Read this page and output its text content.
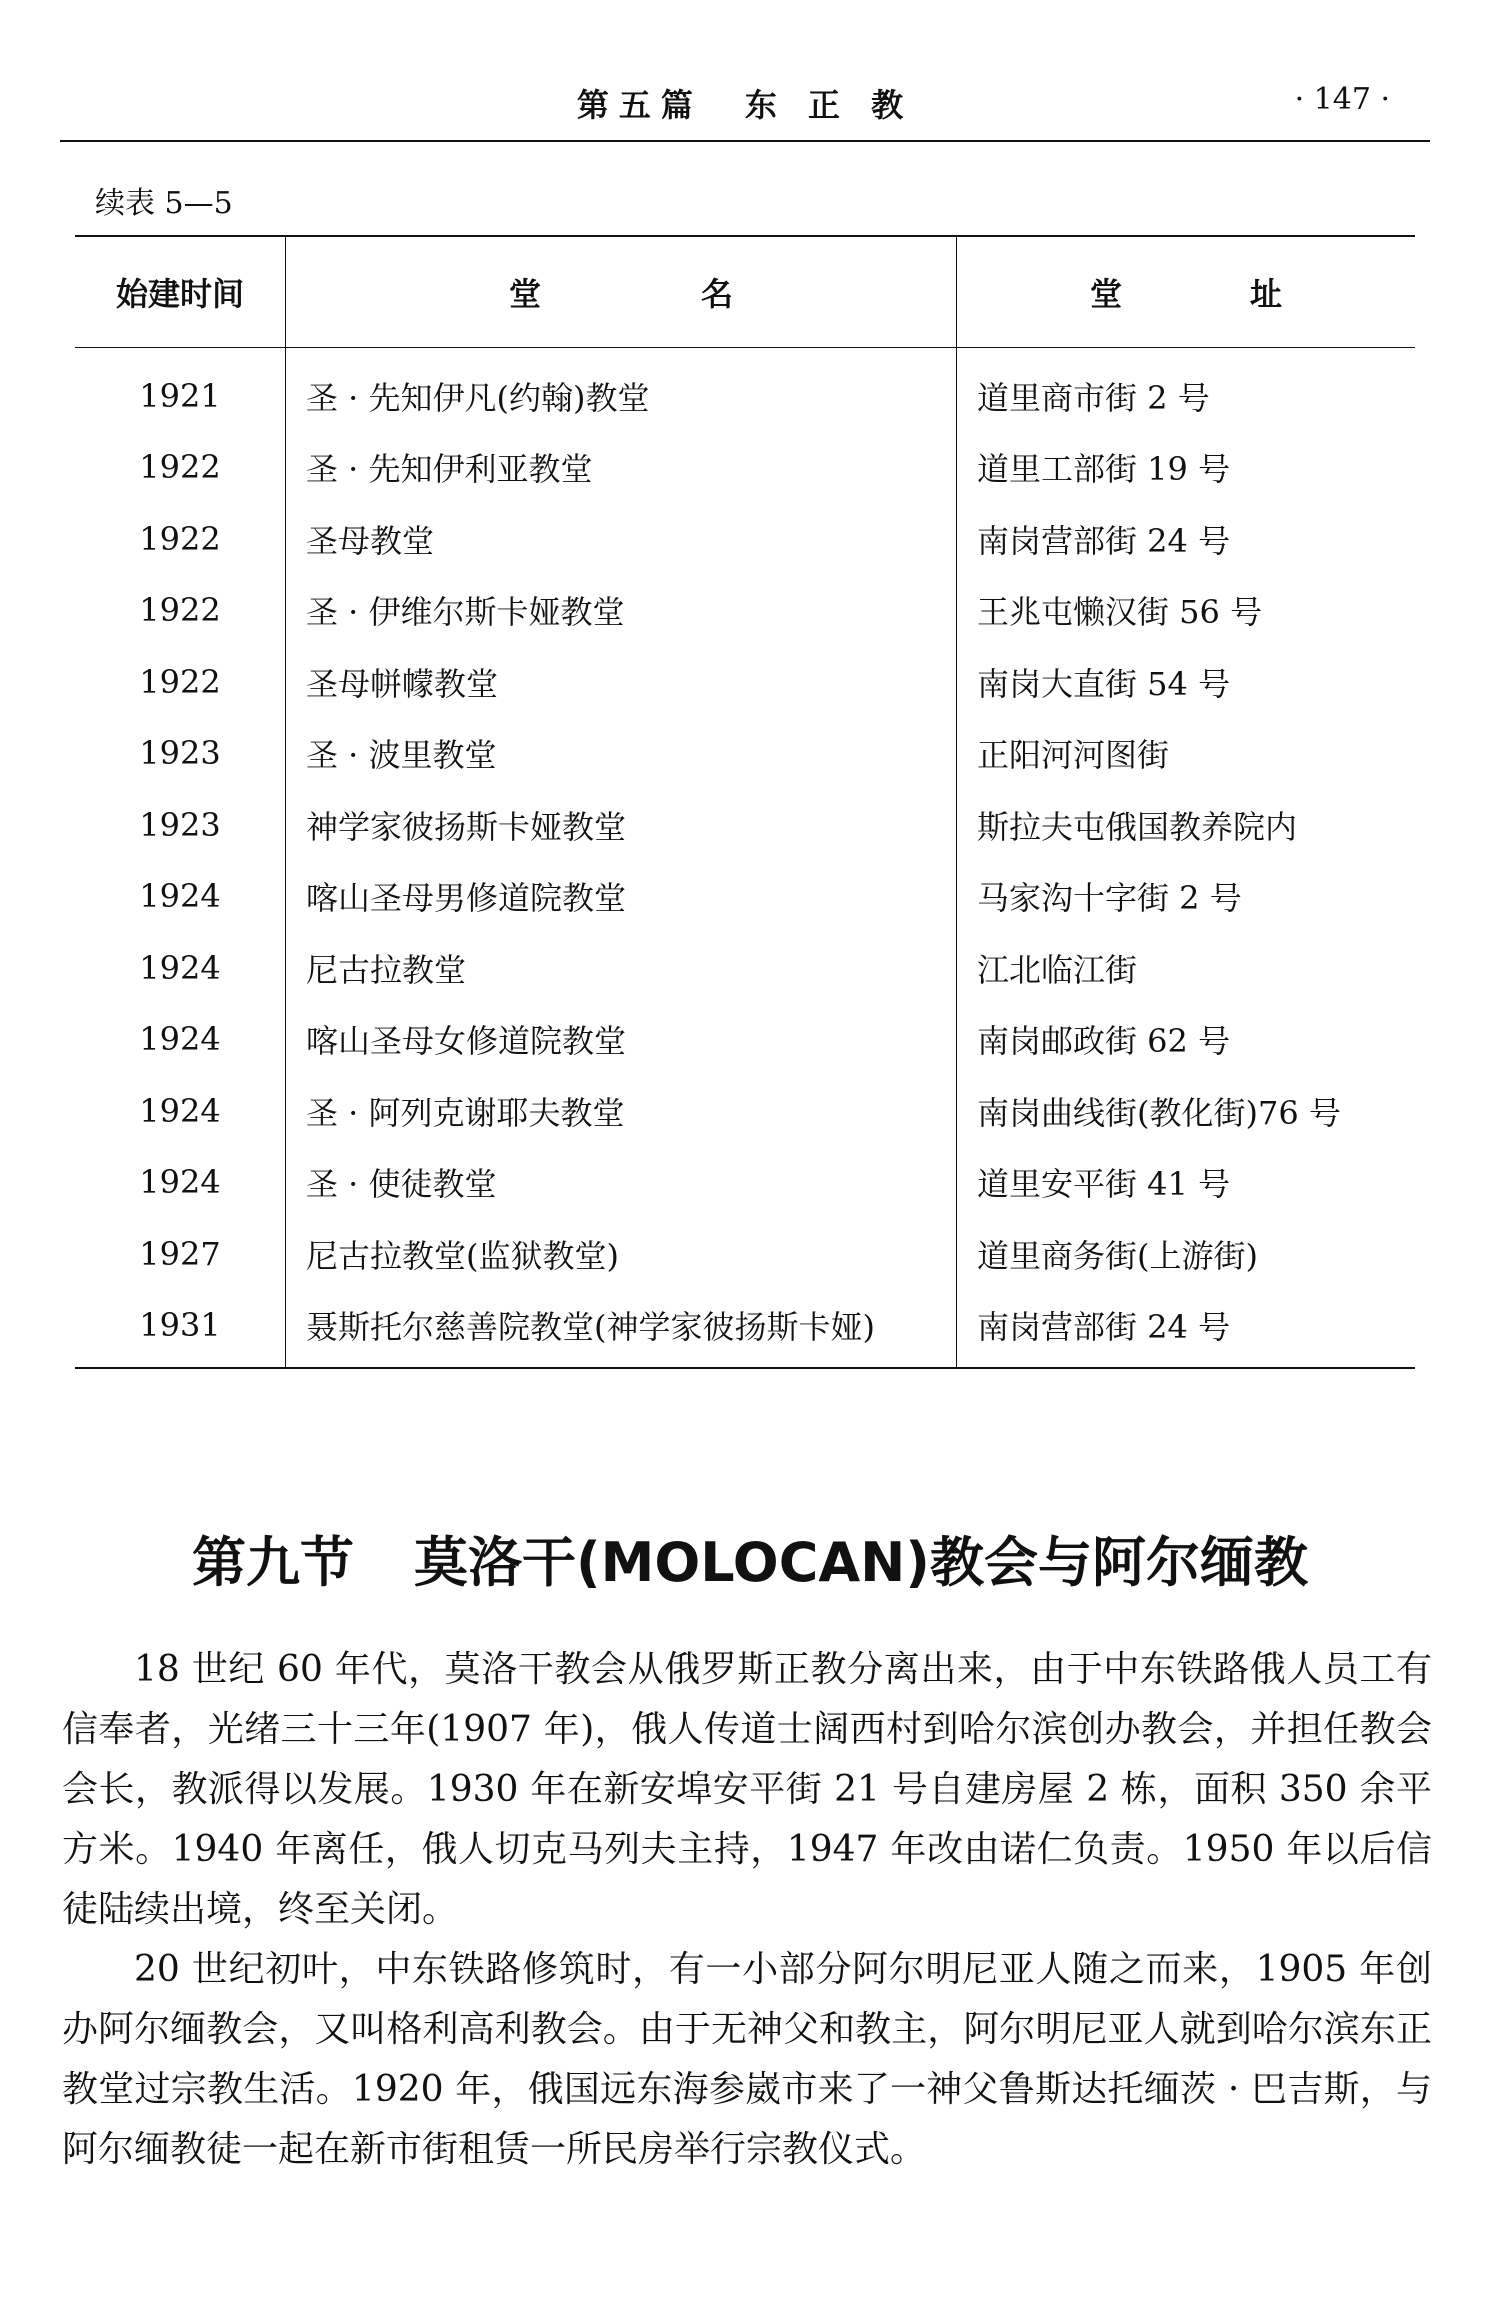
第五篇　东 正 教	· 147 ·
续表 5—5
始建时间	堂　　　　　名	堂　　　　址
1921	圣 · 先知伊凡(约翰)教堂	道里商市街 2 号
1922	圣 · 先知伊利亚教堂	道里工部街 19 号
1922	圣母教堂	南岗营部街 24 号
1922	圣 · 伊维尔斯卡娅教堂	王兆屯懒汉街 56 号
1922	圣母帡幪教堂	南岗大直街 54 号
1923	圣 · 波里教堂	正阳河河图街
1923	神学家彼扬斯卡娅教堂	斯拉夫屯俄国教养院内
1924	喀山圣母男修道院教堂	马家沟十字街 2 号
1924	尼古拉教堂	江北临江街
1924	喀山圣母女修道院教堂	南岗邮政街 62 号
1924	圣 · 阿列克谢耶夫教堂	南岗曲线街(教化街)76 号
1924	圣 · 使徒教堂	道里安平街 41 号
1927	尼古拉教堂(监狱教堂)	道里商务街(上游街)
1931	聂斯托尔慈善院教堂(神学家彼扬斯卡娅)	南岗营部街 24 号
第九节 莫洛干(MOLOCAN)教会与阿尔缅教

18 世纪 60 年代，莫洛干教会从俄罗斯正教分离出来，由于中东铁路俄人员工有信奉者，光绪三十三年(1907 年)，俄人传道士阔西村到哈尔滨创办教会，并担任教会会长，教派得以发展。1930 年在新安埠安平街 21 号自建房屋 2 栋，面积 350 余平方米。1940 年离任，俄人切克马列夫主持，1947 年改由诺仁负责。1950 年以后信徒陆续出境，终至关闭。

20 世纪初叶，中东铁路修筑时，有一小部分阿尔明尼亚人随之而来，1905 年创办阿尔缅教会，又叫格利高利教会。由于无神父和教主，阿尔明尼亚人就到哈尔滨东正教堂过宗教生活。1920 年，俄国远东海参崴市来了一神父鲁斯达托缅茨 · 巴吉斯，与阿尔缅教徒一起在新市街租赁一所民房举行宗教仪式。
